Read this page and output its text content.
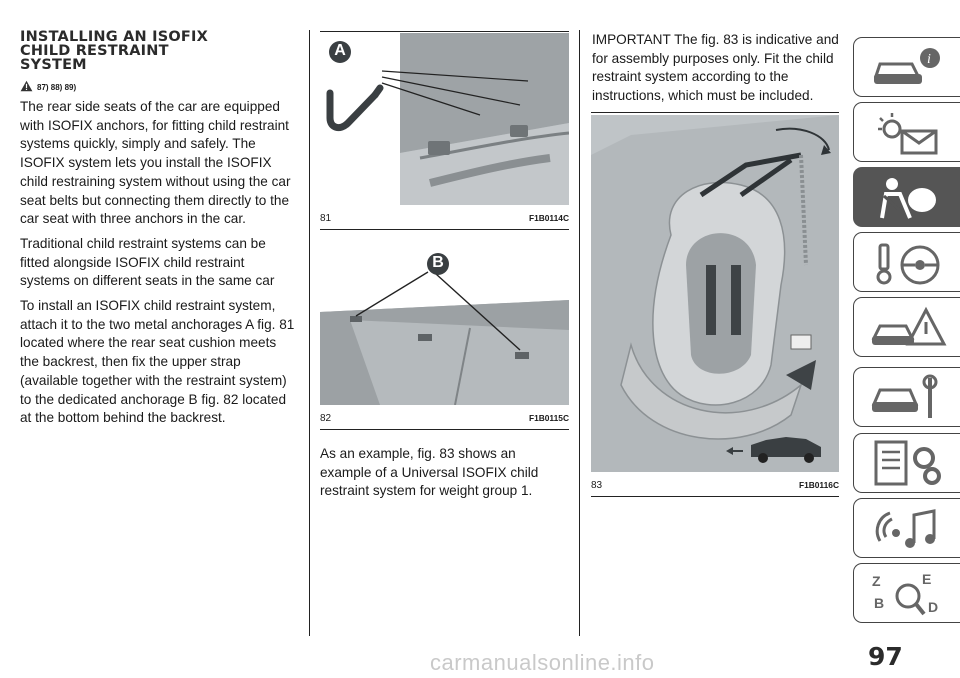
INSTALLING AN ISOFIX
CHILD RESTRAINT
SYSTEM
87) 88) 89)

The rear side seats of the car are equipped with ISOFIX anchors, for fitting child restraint systems quickly, simply and safely. The ISOFIX system lets you install the ISOFIX child restraining system without using the car seat belts but connecting them directly to the car seat with three anchors in the car.

Traditional child restraint systems can be fitted alongside ISOFIX child restraint systems on different seats in the same car

To install an ISOFIX child restraint system, attach it to the two metal anchorages A fig. 81 located where the rear seat cushion meets the backrest, then fix the upper strap (available together with the restraint system) to the dedicated anchorage B fig. 82 located at the bottom behind the backrest.

A
81	F1B0114C
B
82	F1B0115C
As an example, fig. 83 shows an example of a Universal ISOFIX child restraint system for weight group 1.
IMPORTANT The fig. 83 is indicative and for assembly purposes only. Fit the child restraint system according to the instructions, which must be included.
83	F1B0116C
i
Z	E
B	D
97
carmanualsonline.info
